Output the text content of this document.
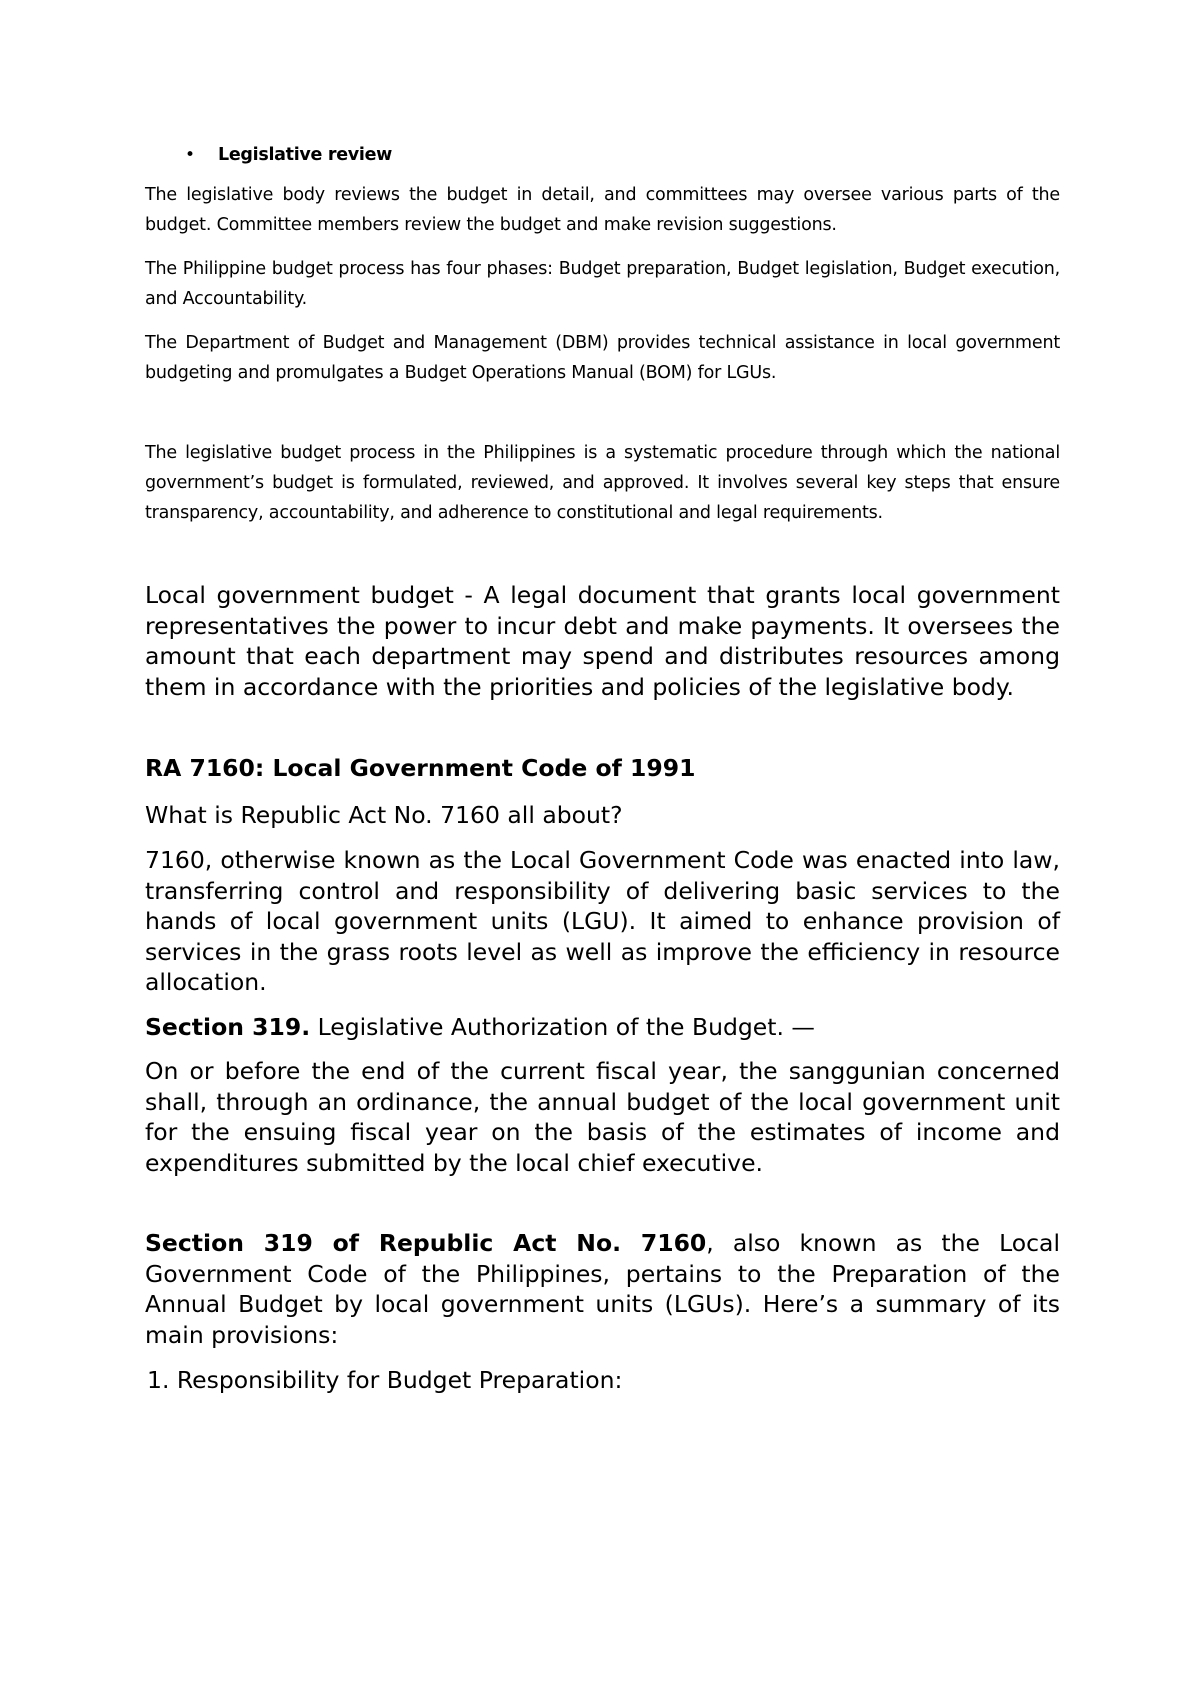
• Legislative review

The legislative body reviews the budget in detail, and committees may oversee various parts of the budget. Committee members review the budget and make revision suggestions.

The Philippine budget process has four phases: Budget preparation, Budget legislation, Budget execution, and Accountability.

The Department of Budget and Management (DBM) provides technical assistance in local government budgeting and promulgates a Budget Operations Manual (BOM) for LGUs.

The legislative budget process in the Philippines is a systematic procedure through which the national government’s budget is formulated, reviewed, and approved. It involves several key steps that ensure transparency, accountability, and adherence to constitutional and legal requirements.

Local government budget - A legal document that grants local government representatives the power to incur debt and make payments. It oversees the amount that each department may spend and distributes resources among them in accordance with the priorities and policies of the legislative body.

RA 7160: Local Government Code of 1991

What is Republic Act No. 7160 all about?

7160, otherwise known as the Local Government Code was enacted into law, transferring control and responsibility of delivering basic services to the hands of local government units (LGU). It aimed to enhance provision of services in the grass roots level as well as improve the efficiency in resource allocation.

Section 319. Legislative Authorization of the Budget. —

On or before the end of the current fiscal year, the sanggunian concerned shall, through an ordinance, the annual budget of the local government unit for the ensuing fiscal year on the basis of the estimates of income and expenditures submitted by the local chief executive.

Section 319 of Republic Act No. 7160, also known as the Local Government Code of the Philippines, pertains to the Preparation of the Annual Budget by local government units (LGUs). Here’s a summary of its main provisions:

1. Responsibility for Budget Preparation:
